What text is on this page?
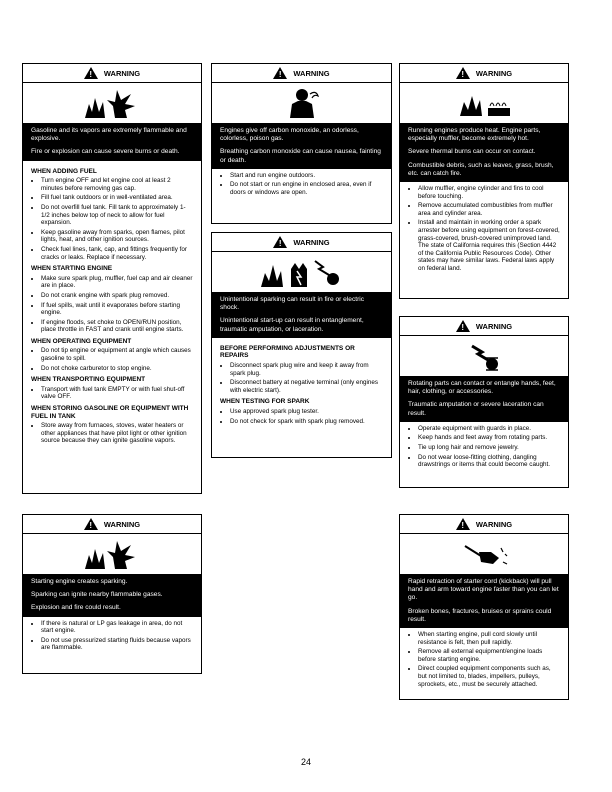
! WARNING

Gasoline and its vapors are extremely flammable and explosive.

Fire or explosion can cause severe burns or death.

WHEN ADDING FUEL
• Turn engine OFF and let engine cool at least 2 minutes before removing gas cap.
• Fill fuel tank outdoors or in well-ventilated area.
• Do not overfill fuel tank. Fill tank to approximately 1-1/2 inches below top of neck to allow for fuel expansion.
• Keep gasoline away from sparks, open flames, pilot lights, heat, and other ignition sources.
• Check fuel lines, tank, cap, and fittings frequently for cracks or leaks. Replace if necessary.
WHEN STARTING ENGINE
• Make sure spark plug, muffler, fuel cap and air cleaner are in place.
• Do not crank engine with spark plug removed.
• If fuel spills, wait until it evaporates before starting engine.
• If engine floods, set choke to OPEN/RUN position, place throttle in FAST and crank until engine starts.
WHEN OPERATING EQUIPMENT
• Do not tip engine or equipment at angle which causes gasoline to spill.
• Do not choke carburetor to stop engine.
WHEN TRANSPORTING EQUIPMENT
• Transport with fuel tank EMPTY or with fuel shut-off valve OFF.
WHEN STORING GASOLINE OR EQUIPMENT WITH FUEL IN TANK
• Store away from furnaces, stoves, water heaters or other appliances that have pilot light or other ignition source because they can ignite gasoline vapors.
! WARNING

Engines give off carbon monoxide, an odorless, colorless, poison gas.

Breathing carbon monoxide can cause nausea, fainting or death.

• Start and run engine outdoors.
• Do not start or run engine in enclosed area, even if doors or windows are open.
! WARNING

Running engines produce heat. Engine parts, especially muffler, become extremely hot.

Severe thermal burns can occur on contact.

Combustible debris, such as leaves, grass, brush, etc. can catch fire.

• Allow muffler, engine cylinder and fins to cool before touching.
• Remove accumulated combustibles from muffler area and cylinder area.
• Install and maintain in working order a spark arrester before using equipment on forest-covered, grass-covered, brush-covered unimproved land. The state of California requires this (Section 4442 of the California Public Resources Code). Other states may have similar laws. Federal laws apply on federal land.
! WARNING

Unintentional sparking can result in fire or electric shock.

Unintentional start-up can result in entanglement, traumatic amputation, or laceration.

BEFORE PERFORMING ADJUSTMENTS OR REPAIRS
• Disconnect spark plug wire and keep it away from spark plug.
• Disconnect battery at negative terminal (only engines with electric start).
WHEN TESTING FOR SPARK
• Use approved spark plug tester.
• Do not check for spark with spark plug removed.
! WARNING

Rotating parts can contact or entangle hands, feet, hair, clothing, or accessories.

Traumatic amputation or severe laceration can result.

• Operate equipment with guards in place.
• Keep hands and feet away from rotating parts.
• Tie up long hair and remove jewelry.
• Do not wear loose-fitting clothing, dangling drawstrings or items that could become caught.
! WARNING

Starting engine creates sparking.

Sparking can ignite nearby flammable gases.

Explosion and fire could result.

• If there is natural or LP gas leakage in area, do not start engine.
• Do not use pressurized starting fluids because vapors are flammable.
! WARNING

Rapid retraction of starter cord (kickback) will pull hand and arm toward engine faster than you can let go.

Broken bones, fractures, bruises or sprains could result.

• When starting engine, pull cord slowly until resistance is felt, then pull rapidly.
• Remove all external equipment/engine loads before starting engine.
• Direct coupled equipment components such as, but not limited to, blades, impellers, pulleys, sprockets, etc., must be securely attached.
24
